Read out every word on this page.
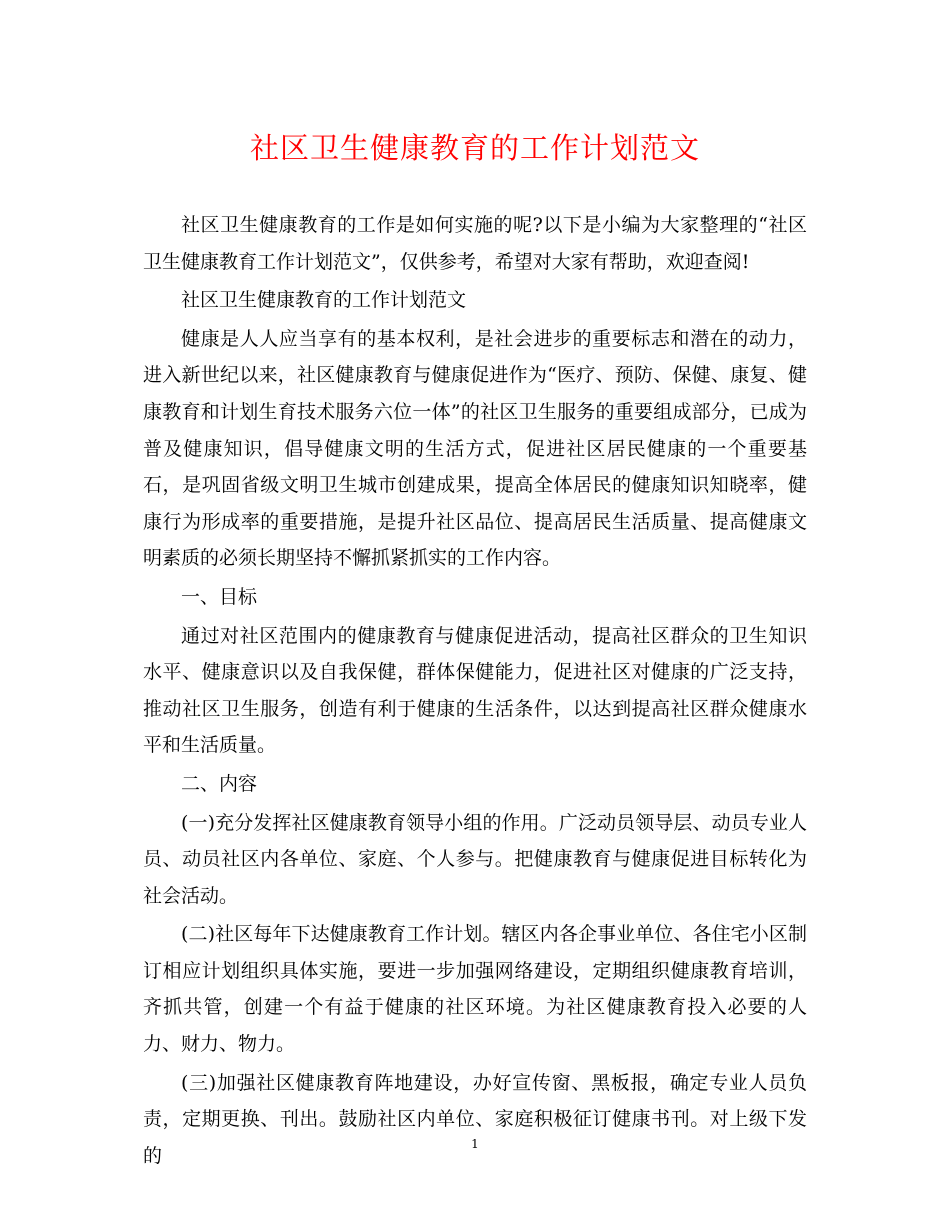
社区卫生健康教育的工作计划范文

社区卫生健康教育的工作是如何实施的呢?以下是小编为大家整理的“社区卫生健康教育工作计划范文”，仅供参考，希望对大家有帮助，欢迎查阅!

社区卫生健康教育的工作计划范文

健康是人人应当享有的基本权利，是社会进步的重要标志和潜在的动力，进入新世纪以来，社区健康教育与健康促进作为“医疗、预防、保健、康复、健康教育和计划生育技术服务六位一体”的社区卫生服务的重要组成部分，已成为普及健康知识，倡导健康文明的生活方式，促进社区居民健康的一个重要基石，是巩固省级文明卫生城市创建成果，提高全体居民的健康知识知晓率，健康行为形成率的重要措施，是提升社区品位、提高居民生活质量、提高健康文明素质的必须长期坚持不懈抓紧抓实的工作内容。

一、目标

通过对社区范围内的健康教育与健康促进活动，提高社区群众的卫生知识水平、健康意识以及自我保健，群体保健能力，促进社区对健康的广泛支持，推动社区卫生服务，创造有利于健康的生活条件，以达到提高社区群众健康水平和生活质量。

二、内容

(一)充分发挥社区健康教育领导小组的作用。广泛动员领导层、动员专业人员、动员社区内各单位、家庭、个人参与。把健康教育与健康促进目标转化为社会活动。

(二)社区每年下达健康教育工作计划。辖区内各企事业单位、各住宅小区制订相应计划组织具体实施，要进一步加强网络建设，定期组织健康教育培训，齐抓共管，创建一个有益于健康的社区环境。为社区健康教育投入必要的人力、财力、物力。

(三)加强社区健康教育阵地建设，办好宣传窗、黑板报，确定专业人员负责，定期更换、刊出。鼓励社区内单位、家庭积极征订健康书刊。对上级下发的

1
